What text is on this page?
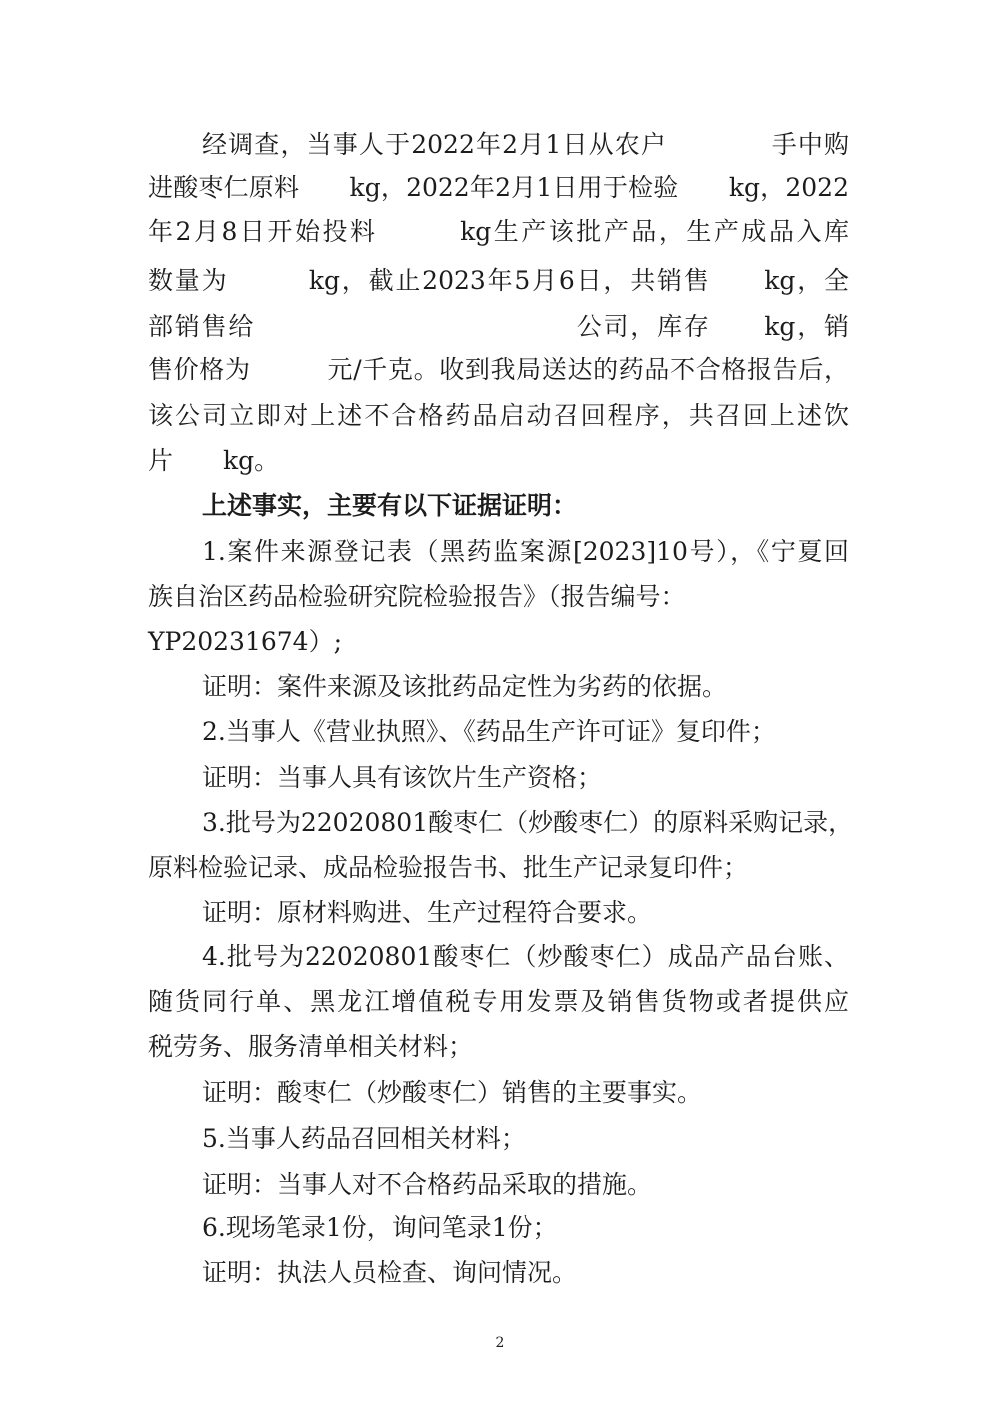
经调查，当事人于2022年2月1日从农户　　　　手中购
进酸枣仁原料　　kg，2022年2月1日用于检验　　kg，2022
年2月8日开始投料　　　kg生产该批产品，生产成品入库
数量为　　　kg，截止2023年5月6日，共销售　　kg，全
部销售给　　　　　　　　　　　　公司，库存　　kg，销
售价格为　　　元/千克。收到我局送达的药品不合格报告后，
该公司立即对上述不合格药品启动召回程序，共召回上述饮
片　　kg。
上述事实，主要有以下证据证明：
1.案件来源登记表（黑药监案源[2023]10号），《宁夏回
族自治区药品检验研究院检验报告》（报告编号：
YP20231674）;
证明：案件来源及该批药品定性为劣药的依据。
2.当事人《营业执照》、《药品生产许可证》复印件；
证明：当事人具有该饮片生产资格；
3.批号为22020801酸枣仁（炒酸枣仁）的原料采购记录，
原料检验记录、成品检验报告书、批生产记录复印件；
证明：原材料购进、生产过程符合要求。
4.批号为22020801酸枣仁（炒酸枣仁）成品产品台账、
随货同行单、黑龙江增值税专用发票及销售货物或者提供应
税劳务、服务清单相关材料；
证明：酸枣仁（炒酸枣仁）销售的主要事实。
5.当事人药品召回相关材料；
证明：当事人对不合格药品采取的措施。
6.现场笔录1份，询问笔录1份；
证明：执法人员检查、询问情况。
2
